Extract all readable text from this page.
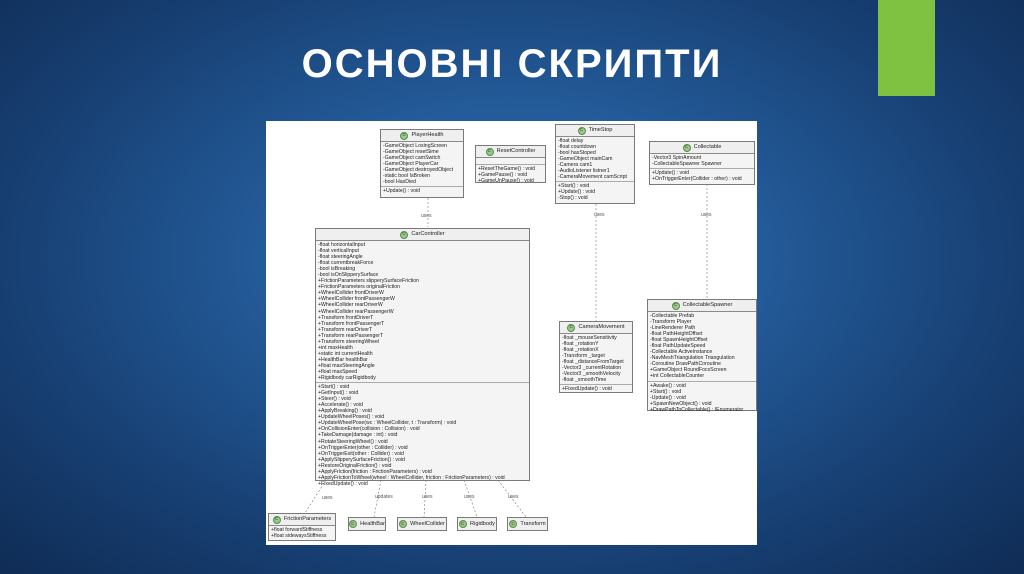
ОСНОВНІ СКРИПТИ
uses	uses	uses
uses	updates	uses	uses	uses
C
PlayerHealth
-GameObject LosingScreen
-GameObject resetSime
-GameObject camSwitch
-GameObject PlayerCar
-GameObject destroyedObject
-static bool IsBroken
-bool HasDied
+Update() : void
C
ResetController
+ResetTheGame() : void
+GamePause() : void
+GameUnPause() : void
C
TimeStop
-float delay
-float countdown
-bool hasStoped
-GameObject mainCam
-Camera cam1
-AudioListener listner1
-CameraMovement camScript
+Start() : void
+Update() : void
-Stop() : void
C
Collectable
-Vector3 SpinAmount
-CollectableSpawner Spawner
+Update() : void
+OnTriggerEnter(Collider : other) : void
C
CarController
-float horizontalInput
-float verticalInput
-float steeringAngle
-float currentbreakForce
-bool isBreaking
-bool isOnSlipperySurface
+FrictionParameters slipperySurfaceFriction
+FrictionParameters originalFriction
+WheelCollider frontDriverW
+WheelCollider frontPassengerW
+WheelCollider rearDriverW
+WheelCollider rearPassengerW
+Transform frontDriverT
+Transform frontPassengerT
+Transform rearDriverT
+Transform rearPassengerT
+Transform steeringWheel
+int maxHealth
+static int currentHealth
+HealthBar healthBar
+float maxSteeringAngle
+float maxSpeed
+Rigidbody carRigidbody
+Start() : void
+GetInput() : void
+Steer() : void
+Accelerate() : void
+ApplyBreaking() : void
+UpdateWheelPoses() : void
+UpdateWheelPose(wc : WheelCollider, t : Transform) : void
+OnCollisionEnter(collision : Collision) : void
+TakeDamage(damage : int) : void
+RotateSteeringWheel() : void
+OnTriggerEnter(other : Collider) : void
+OnTriggerExit(other : Collider) : void
+ApplySlipperySurfaceFriction() : void
+RestoreOriginalFriction() : void
+ApplyFriction(friction : FrictionParameters) : void
+ApplyFrictionToWheel(wheel : WheelCollider, friction : FrictionParameters) : void
+FixedUpdate() : void
C
CameraMovement
-float _mouseSensitivity
-float _rotationY
-float _rotationX
-Transform _target
-float _distanceFromTarget
-Vector3 _currentRotation
-Vector3 _smoothVelocity
-float _smoothTime
+FixedUpdate() : void
C
CollectableSpawner
-Collectable Prefab
-Transform Player
-LineRenderer Path
-float PathHeightOffset
-float SpawnHeightOffset
-float PathUpdateSpeed
-Collectable ActiveInstance
-NavMeshTriangulation Triangulation
-Coroutine DrawPathCoroutine
+GameObject RoundFocsScreen
+int CollectableCounter
+Awake() : void
+Start() : void
-Update() : void
+SpawnNewObject() : void
+DrawPathToCollectable() : IEnumerator
C
FrictionParameters
+float forwardStiffness
+float sidewaysStiffness
C
HealthBar C	WheelCollider C	Rigidbody C	Transform
